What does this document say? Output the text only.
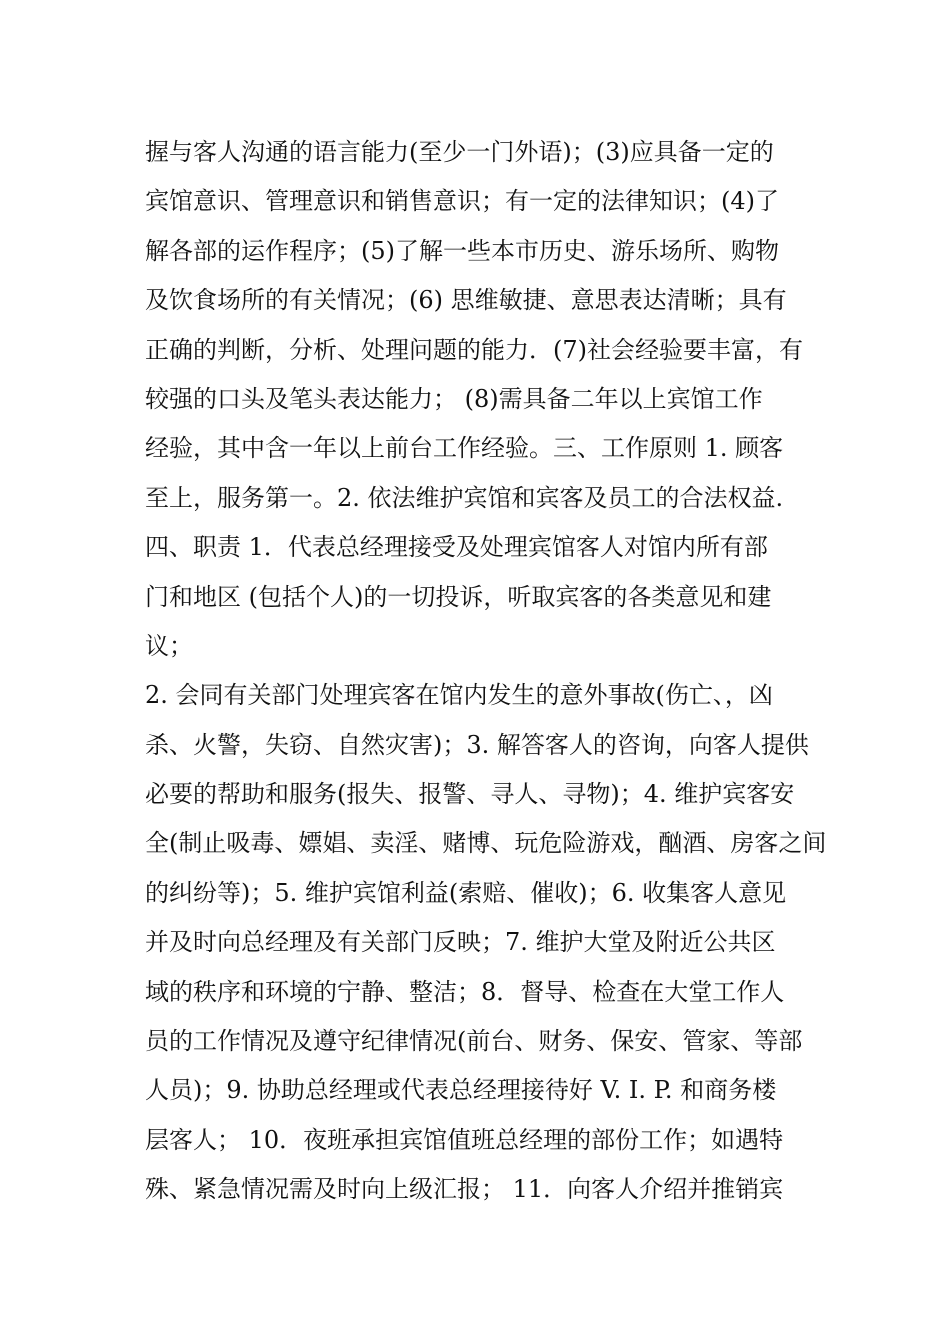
握与客人沟通的语言能力(至少一门外语)；(3)应具备一定的
宾馆意识、管理意识和销售意识；有一定的法律知识；(4)了
解各部的运作程序；(5)了解一些本市历史、游乐场所、购物
及饮食场所的有关情况；(6) 思维敏捷、意思表达清晰；具有
正确的判断，分析、处理问题的能力．(7)社会经验要丰富，有
较强的口头及笔头表达能力； (8)需具备二年以上宾馆工作
经验，其中含一年以上前台工作经验。三、工作原则 1. 顾客
至上，服务第一。2. 依法维护宾馆和宾客及员工的合法权益.
四、职责 1．代表总经理接受及处理宾馆客人对馆内所有部
门和地区 (包括个人)的一切投诉，听取宾客的各类意见和建
议；
2. 会同有关部门处理宾客在馆内发生的意外事故(伤亡、，凶
杀、火警，失窃、自然灾害)；3. 解答客人的咨询，向客人提供
必要的帮助和服务(报失、报警、寻人、寻物)；4. 维护宾客安
全(制止吸毒、嫖娼、卖淫、赌博、玩危险游戏，酗酒、房客之间
的纠纷等)；5. 维护宾馆利益(索赔、催收)；6. 收集客人意见
并及时向总经理及有关部门反映；7. 维护大堂及附近公共区
域的秩序和环境的宁静、整洁；8．督导、检查在大堂工作人
员的工作情况及遵守纪律情况(前台、财务、保安、管家、等部
人员)；9. 协助总经理或代表总经理接待好 V. I. P. 和商务楼
层客人； 10．夜班承担宾馆值班总经理的部份工作；如遇特
殊、紧急情况需及时向上级汇报； 11．向客人介绍并推销宾
